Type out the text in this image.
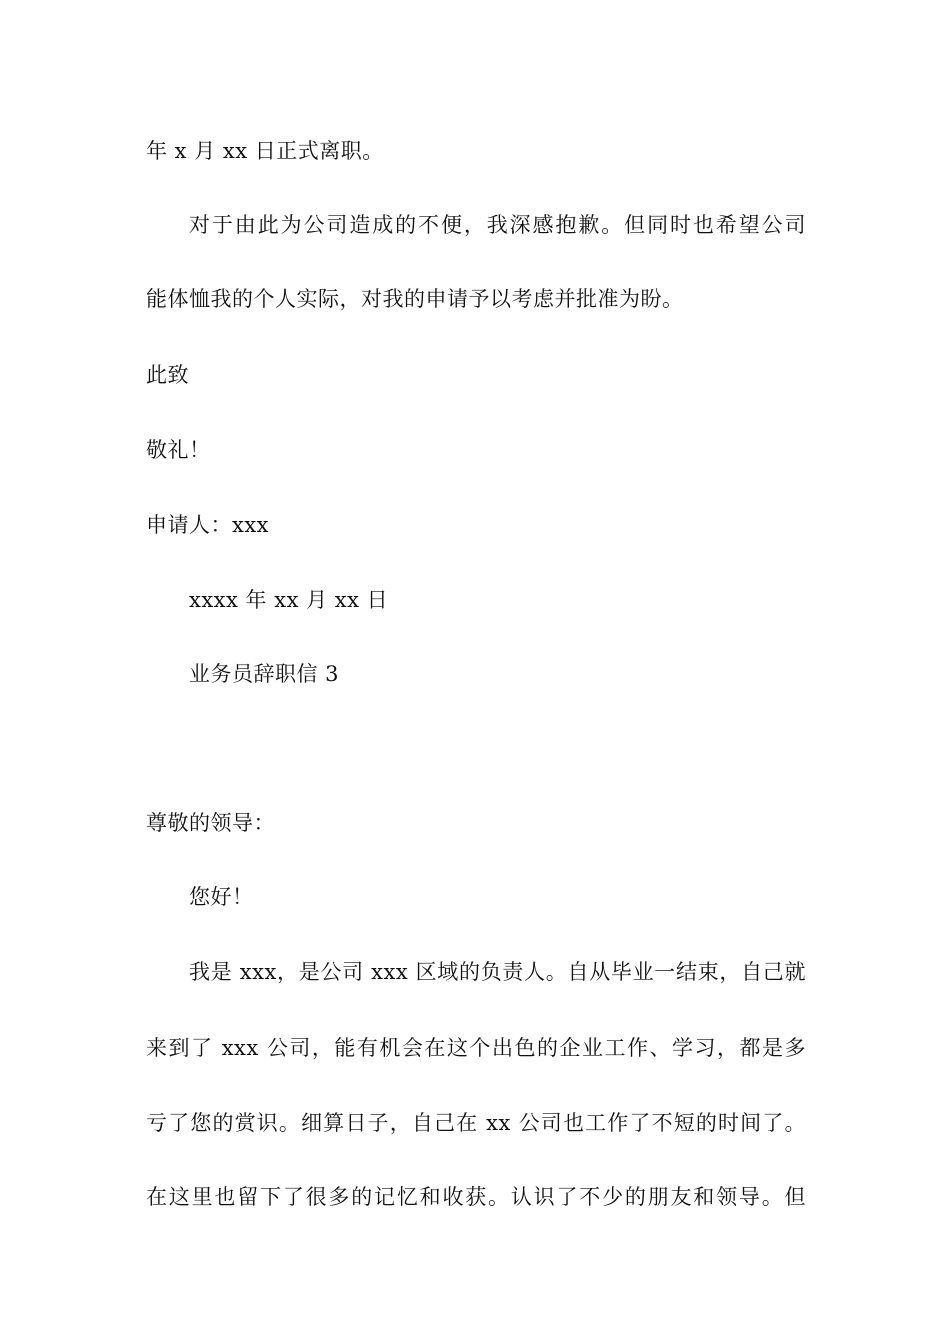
年 x 月 xx 日正式离职。
对于由此为公司造成的不便，我深感抱歉。但同时也希望公司
能体恤我的个人实际，对我的申请予以考虑并批准为盼。
此致
敬礼！
申请人：xxx
xxxx 年 xx 月 xx 日
业务员辞职信 3
尊敬的领导：
您好！
我是 xxx，是公司 xxx 区域的负责人。自从毕业一结束，自己就
来到了 xxx 公司，能有机会在这个出色的企业工作、学习，都是多
亏了您的赏识。细算日子，自己在 xx 公司也工作了不短的时间了。
在这里也留下了很多的记忆和收获。认识了不少的朋友和领导。但
